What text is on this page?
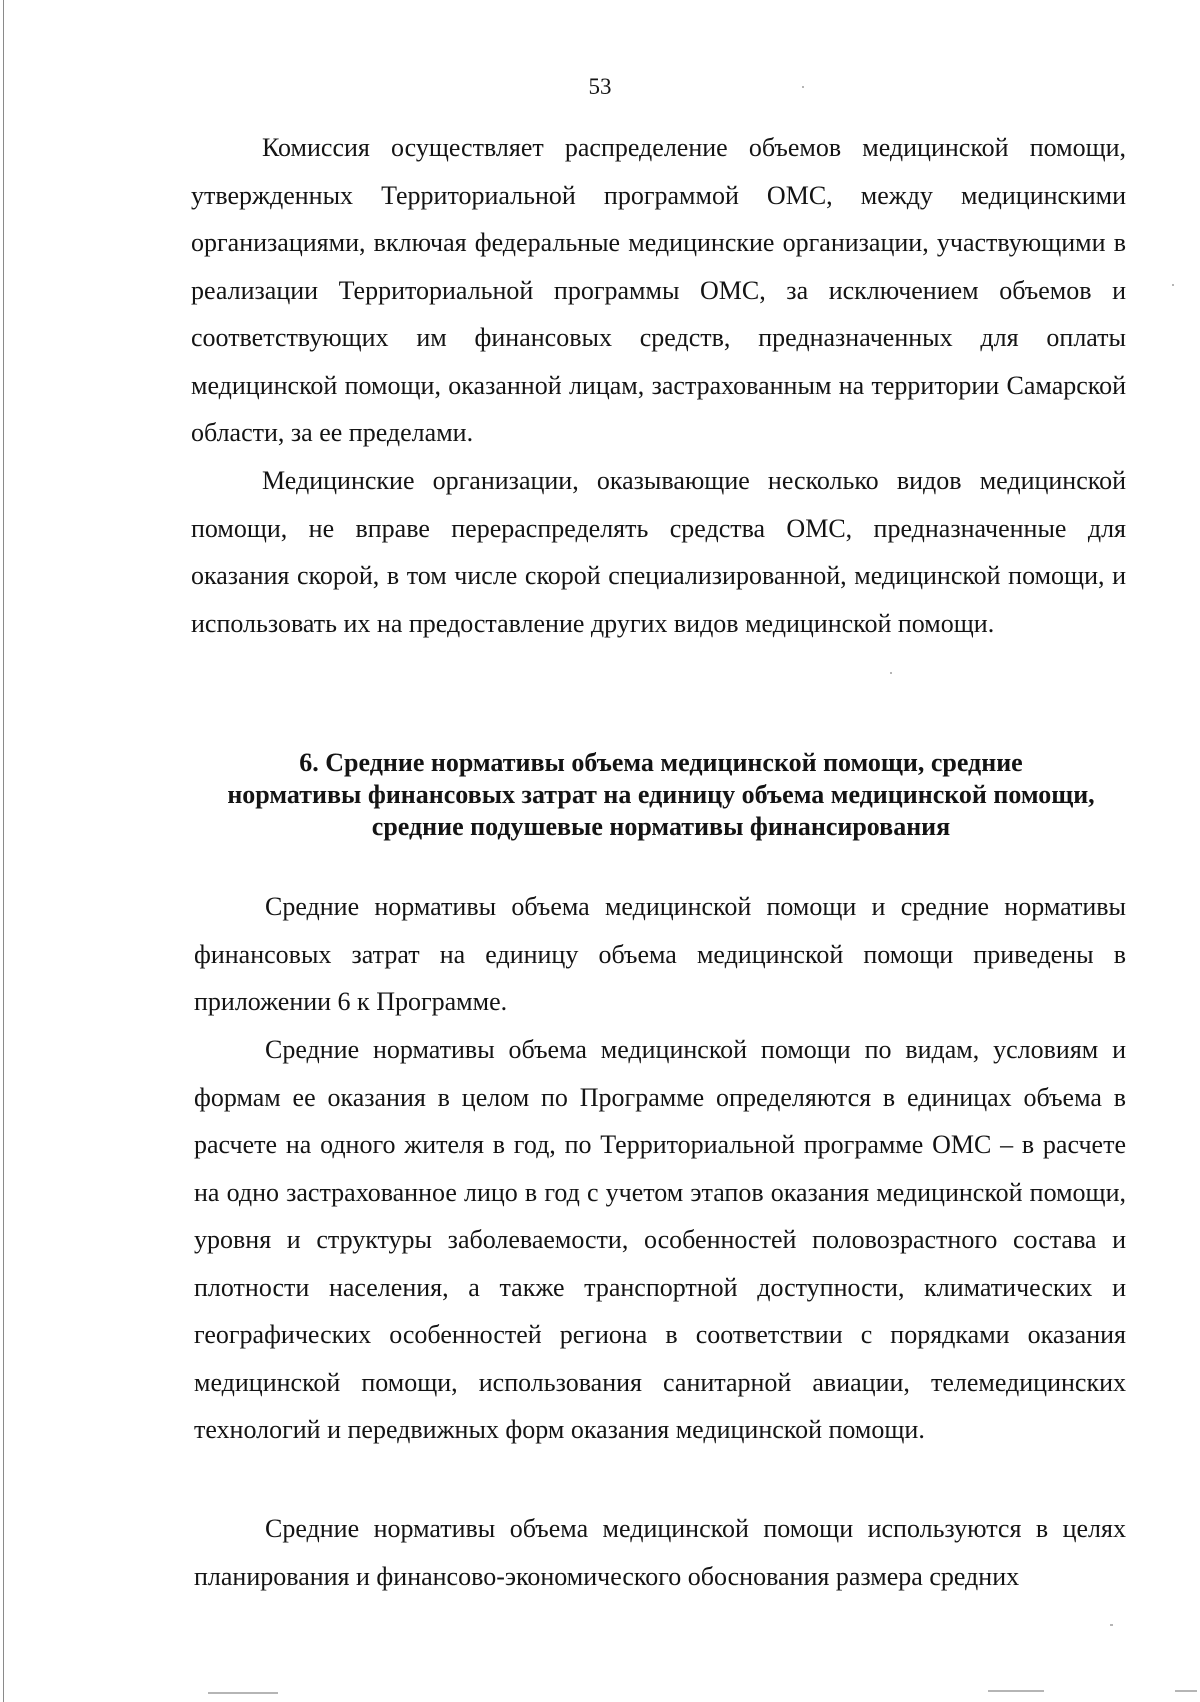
53

Комиссия осуществляет распределение объемов медицинской помощи, утвержденных Территориальной программой ОМС, между медицинскими организациями, включая федеральные медицинские организации, участвующими в реализации Территориальной программы ОМС, за исключением объемов и соответствующих им финансовых средств, предназначенных для оплаты медицинской помощи, оказанной лицам, застрахованным на территории Самарской области, за ее пределами.

Медицинские организации, оказывающие несколько видов медицинской помощи, не вправе перераспределять средства ОМС, предназначенные для оказания скорой, в том числе скорой специализированной, медицинской помощи, и использовать их на предоставление других видов медицинской помощи.

6. Средние нормативы объема медицинской помощи, средние
нормативы финансовых затрат на единицу объема медицинской помощи,
средние подушевые нормативы финансирования

Средние нормативы объема медицинской помощи и средние нормативы финансовых затрат на единицу объема медицинской помощи приведены в приложении 6 к Программе.

Средние нормативы объема медицинской помощи по видам, условиям и формам ее оказания в целом по Программе определяются в единицах объема в расчете на одного жителя в год, по Территориальной программе ОМС – в расчете на одно застрахованное лицо в год с учетом этапов оказания медицинской помощи, уровня и структуры заболеваемости, особенностей половозрастного состава и плотности населения, а также транспортной доступности, климатических и географических особенностей региона в соответствии с порядками оказания медицинской помощи, использования санитарной авиации, телемедицинских технологий и передвижных форм оказания медицинской помощи.

Средние нормативы объема медицинской помощи используются в целях планирования и финансово-экономического обоснования размера средних
